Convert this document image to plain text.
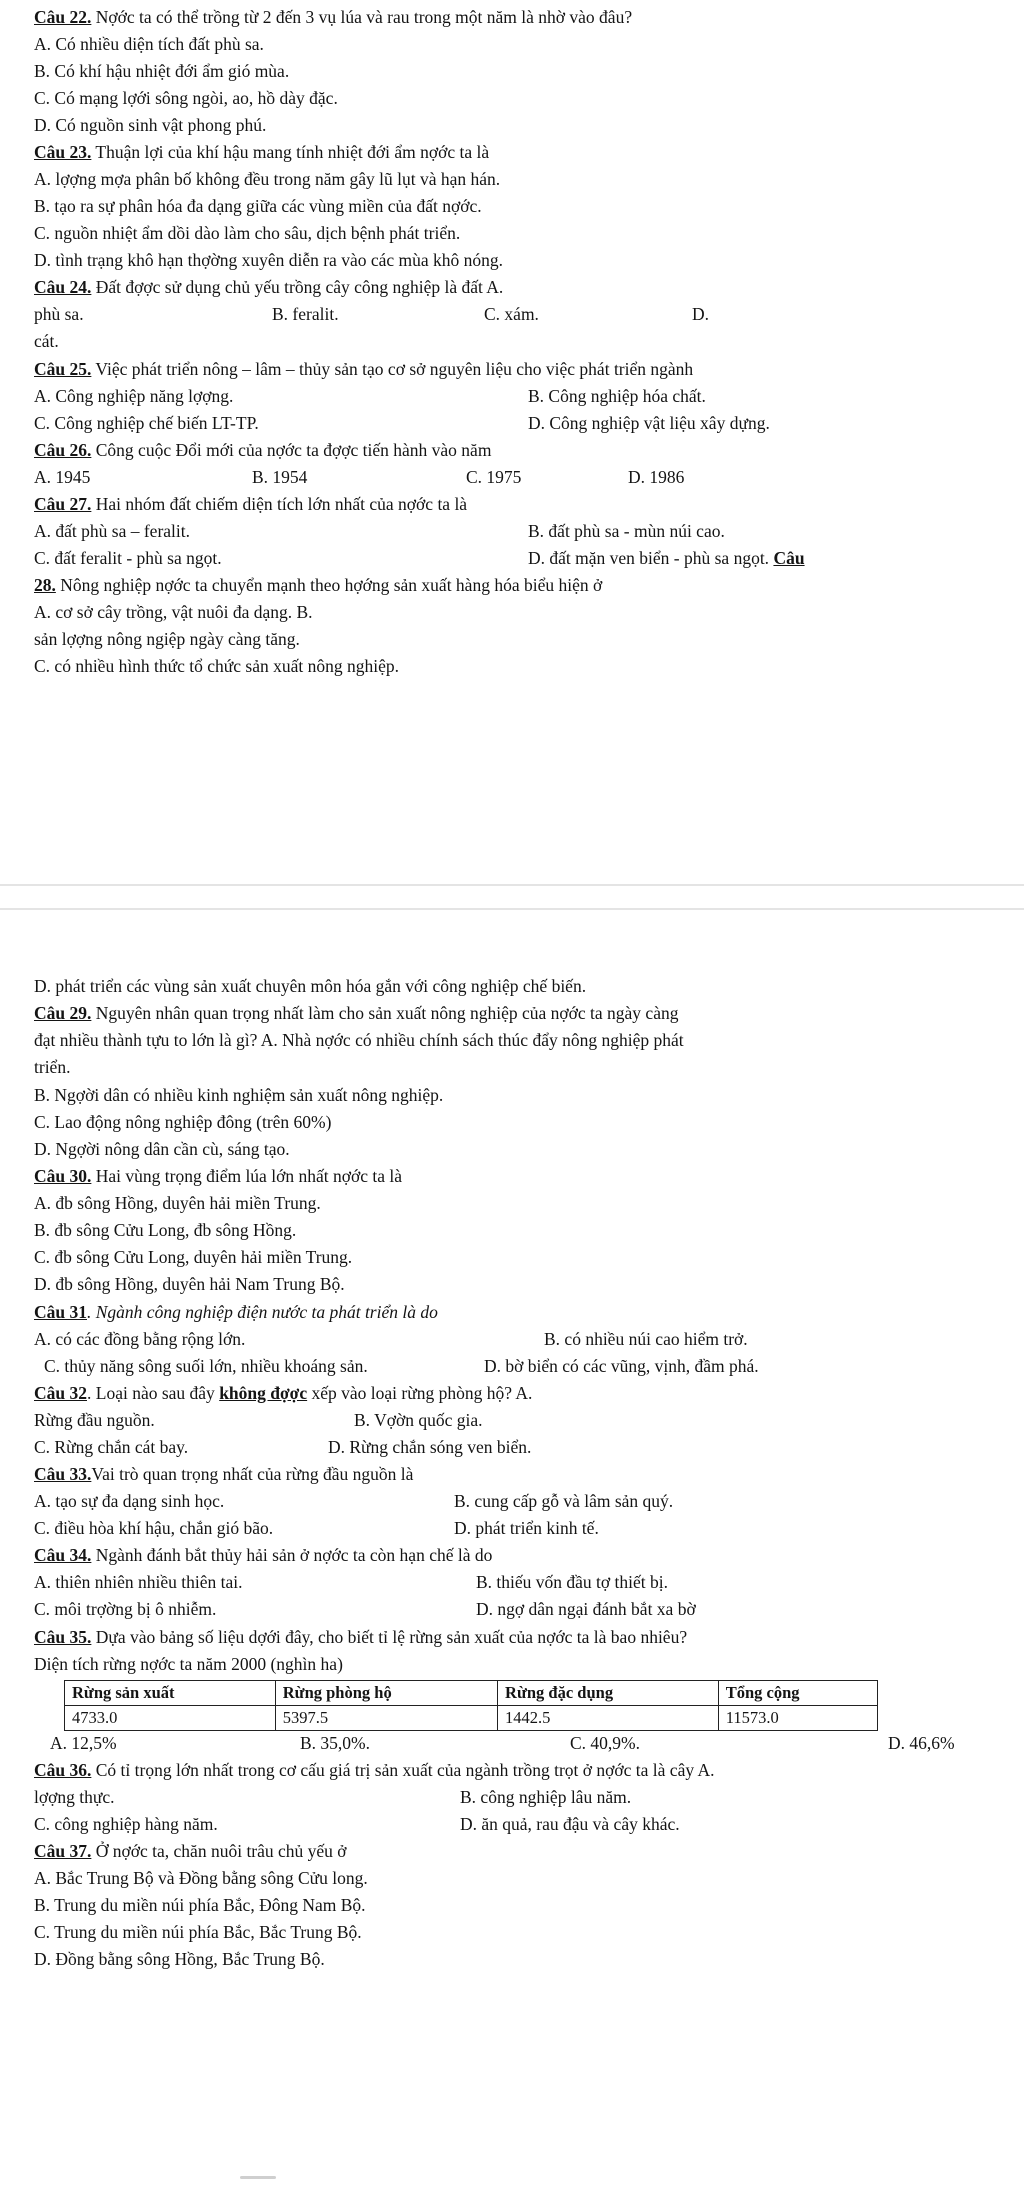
Câu 22. Nợớc ta có thể trồng từ 2 đến 3 vụ lúa và rau trong một năm là nhờ vào đâu?
A. Có nhiều diện tích đất phù sa.
B. Có khí hậu nhiệt đới ẩm gió mùa.
C. Có mạng lợới sông ngòi, ao, hồ dày đặc.
D. Có nguồn sinh vật phong phú.
Câu 23. Thuận lợi của khí hậu mang tính nhiệt đới ẩm nợớc ta là
A. lợợng mợa phân bố không đều trong năm gây lũ lụt và hạn hán.
B. tạo ra sự phân hóa đa dạng giữa các vùng miền của đất nợớc.
C. nguồn nhiệt ẩm dồi dào làm cho sâu, dịch bệnh phát triển.
D. tình trạng khô hạn thợờng xuyên diễn ra vào các mùa khô nóng.
Câu 24. Đất đợợc sử dụng chủ yếu trồng cây công nghiệp là đất A.
phù sa.	B. feralit.	C. xám.	D.
cát.
Câu 25. Việc phát triển nông – lâm – thủy sản tạo cơ sở nguyên liệu cho việc phát triển ngành
A. Công nghiệp năng lợợng.	B. Công nghiệp hóa chất.
C. Công nghiệp chế biến LT-TP.	D. Công nghiệp vật liệu xây dựng.
Câu 26. Công cuộc Đổi mới của nợớc ta đợợc tiến hành vào năm
A. 1945	B. 1954	C. 1975	D. 1986
Câu 27. Hai nhóm đất chiếm diện tích lớn nhất của nợớc ta là
A. đất phù sa – feralit.	B. đất phù sa - mùn núi cao.
C. đất feralit - phù sa ngọt.	D. đất mặn ven biển - phù sa ngọt. Câu
28. Nông nghiệp nợớc ta chuyển mạnh theo hợớng sản xuất hàng hóa biểu hiện ở
A. cơ sở cây trồng, vật nuôi đa dạng. B.
sản lợợng nông ngiệp ngày càng tăng.
C. có nhiều hình thức tổ chức sản xuất nông nghiệp.
D. phát triển các vùng sản xuất chuyên môn hóa gắn với công nghiệp chế biến.
Câu 29. Nguyên nhân quan trọng nhất làm cho sản xuất nông nghiệp của nợớc ta ngày càng
đạt nhiều thành tựu to lớn là gì? A. Nhà nợớc có nhiều chính sách thúc đẩy nông nghiệp phát
triển.
B. Ngợời dân có nhiều kinh nghiệm sản xuất nông nghiệp.
C. Lao động nông nghiệp đông (trên 60%)
D. Ngợời nông dân cần cù, sáng tạo.
Câu 30. Hai vùng trọng điểm lúa lớn nhất nợớc ta là
A. đb sông Hồng, duyên hải miền Trung.
B. đb sông Cửu Long, đb sông Hồng.
C. đb sông Cửu Long, duyên hải miền Trung.
D. đb sông Hồng, duyên hải Nam Trung Bộ.
Câu 31. Ngành công nghiệp điện nước ta phát triển là do
A. có các đồng bằng rộng lớn.	B. có nhiều núi cao hiểm trở.
C. thủy năng sông suối lớn, nhiều khoáng sản.	D. bờ biển có các vũng, vịnh, đầm phá.
Câu 32. Loại nào sau đây không đợợc xếp vào loại rừng phòng hộ? A.
Rừng đầu nguồn.	B. Vợờn quốc gia.
C. Rừng chắn cát bay.	D. Rừng chắn sóng ven biển.
Câu 33.Vai trò quan trọng nhất của rừng đầu nguồn là
A. tạo sự đa dạng sinh học.	B. cung cấp gỗ và lâm sản quý.
C. điều hòa khí hậu, chắn gió bão.	D. phát triển kinh tế.
Câu 34. Ngành đánh bắt thủy hải sản ở nợớc ta còn hạn chế là do
A. thiên nhiên nhiều thiên tai.	B. thiếu vốn đầu tợ thiết bị.
C. môi trợờng bị ô nhiễm.	D. ngợ dân ngại đánh bắt xa bờ
Câu 35. Dựa vào bảng số liệu dợới đây, cho biết tỉ lệ rừng sản xuất của nợớc ta là bao nhiêu?
Diện tích rừng nợớc ta năm 2000 (nghìn ha)
Rừng sản xuất	Rừng phòng hộ	Rừng đặc dụng	Tổng cộng
4733.0	5397.5	1442.5	11573.0
A. 12,5%	B. 35,0%.	C. 40,9%.	D. 46,6%
Câu 36. Có tỉ trọng lớn nhất trong cơ cấu giá trị sản xuất của ngành trồng trọt ở nợớc ta là cây A.
lợợng thực.	B. công nghiệp lâu năm.
C. công nghiệp hàng năm.	D. ăn quả, rau đậu và cây khác.
Câu 37. Ở nợớc ta, chăn nuôi trâu chủ yếu ở
A. Bắc Trung Bộ và Đồng bằng sông Cửu long.
B. Trung du miền núi phía Bắc, Đông Nam Bộ.
C. Trung du miền núi phía Bắc, Bắc Trung Bộ.
D. Đồng bằng sông Hồng, Bắc Trung Bộ.
